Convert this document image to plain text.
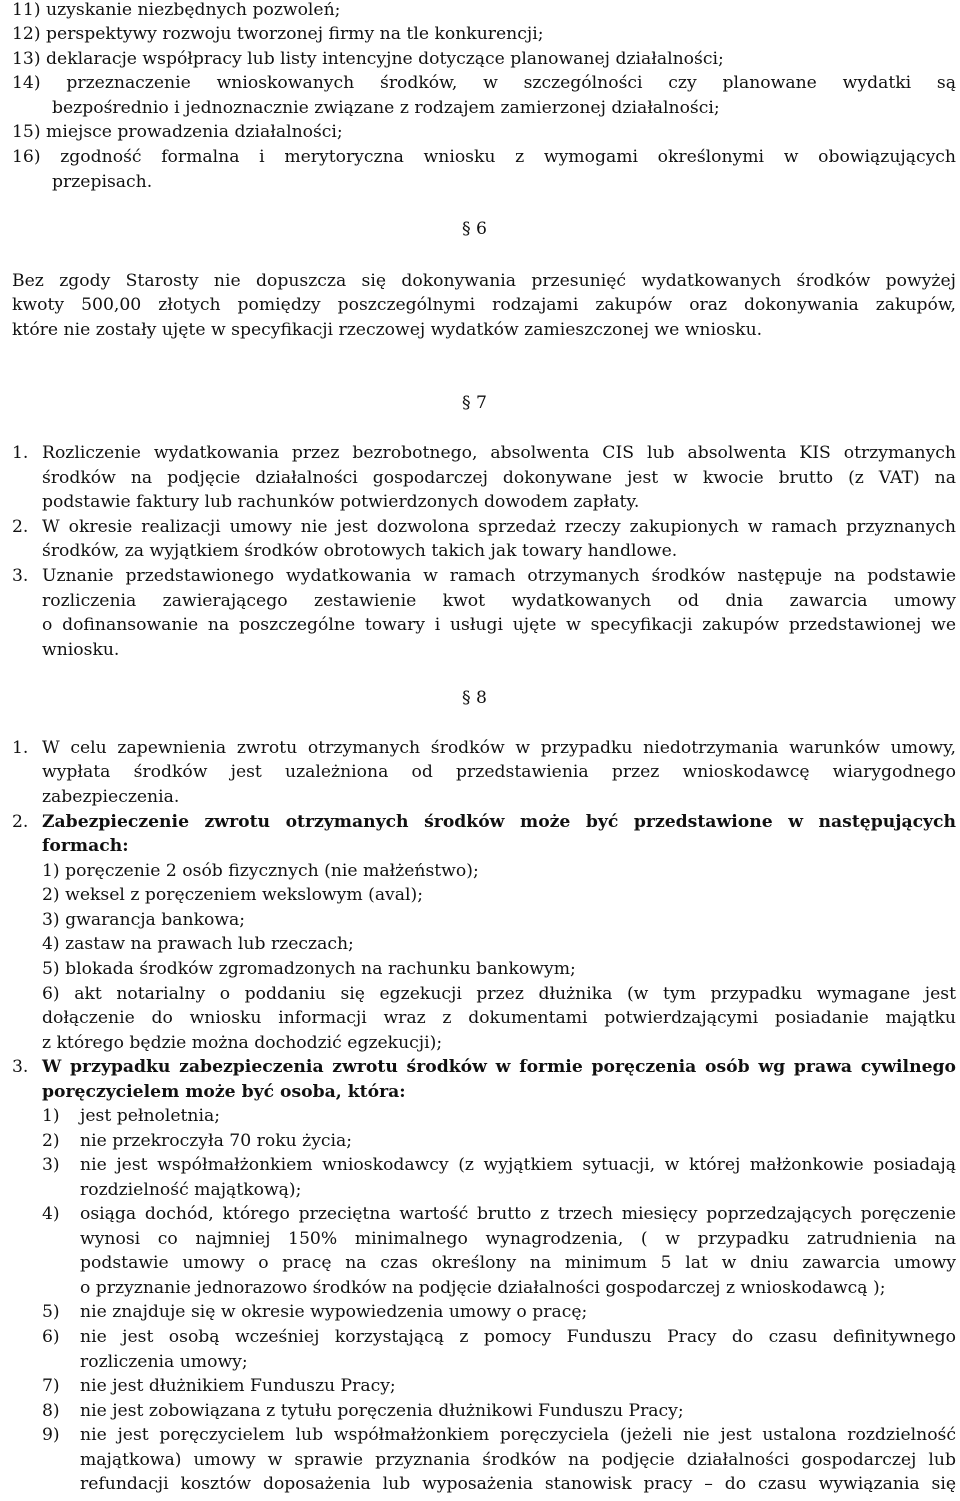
11) uzyskanie niezbędnych pozwoleń;

12) perspektywy rozwoju tworzonej firmy na tle konkurencji;

13) deklaracje współpracy lub listy intencyjne dotyczące planowanej działalności;

14) przeznaczenie wnioskowanych środków, w szczególności czy planowane wydatki są

bezpośrednio i jednoznacznie związane z rodzajem zamierzonej działalności;

15) miejsce prowadzenia działalności;

16) zgodność formalna i merytoryczna wniosku z wymogami określonymi w obowiązujących

przepisach.

§ 6

Bez zgody Starosty nie dopuszcza się dokonywania przesunięć wydatkowanych środków powyżej

kwoty 500,00 złotych pomiędzy poszczególnymi rodzajami zakupów oraz dokonywania zakupów,

które nie zostały ujęte w specyfikacji rzeczowej wydatków zamieszczonej we wniosku.

§ 7

1. Rozliczenie wydatkowania przez bezrobotnego, absolwenta CIS lub absolwenta KIS otrzymanych

środków na podjęcie działalności gospodarczej dokonywane jest w kwocie brutto (z VAT) na

podstawie faktury lub rachunków potwierdzonych dowodem zapłaty.

2. W okresie realizacji umowy nie jest dozwolona sprzedaż rzeczy zakupionych w ramach przyznanych

środków, za wyjątkiem środków obrotowych takich jak towary handlowe.

3. Uznanie przedstawionego wydatkowania w ramach otrzymanych środków następuje na podstawie

rozliczenia zawierającego zestawienie kwot wydatkowanych od dnia zawarcia umowy

o dofinansowanie na poszczególne towary i usługi ujęte w specyfikacji zakupów przedstawionej we

wniosku.

§ 8

1. W celu zapewnienia zwrotu otrzymanych środków w przypadku niedotrzymania warunków umowy,

wypłata środków jest uzależniona od przedstawienia przez wnioskodawcę wiarygodnego

zabezpieczenia.

2. Zabezpieczenie zwrotu otrzymanych środków może być przedstawione w następujących

formach:

1) poręczenie 2 osób fizycznych (nie małżeństwo);

2) weksel z poręczeniem wekslowym (aval);

3) gwarancja bankowa;

4) zastaw na prawach lub rzeczach;

5) blokada środków zgromadzonych na rachunku bankowym;

6) akt notarialny o poddaniu się egzekucji przez dłużnika (w tym przypadku wymagane jest

dołączenie do wniosku informacji wraz z dokumentami potwierdzającymi posiadanie majątku

z którego będzie można dochodzić egzekucji);

3. W przypadku zabezpieczenia zwrotu środków w formie poręczenia osób wg prawa cywilnego

poręczycielem może być osoba, która:

1) jest pełnoletnia;

2) nie przekroczyła 70 roku życia;

3) nie jest współmałżonkiem wnioskodawcy (z wyjątkiem sytuacji, w której małżonkowie posiadają

rozdzielność majątkową);

4) osiąga dochód, którego przeciętna wartość brutto z trzech miesięcy poprzedzających poręczenie

wynosi co najmniej 150% minimalnego wynagrodzenia, ( w przypadku zatrudnienia na

podstawie umowy o pracę na czas określony na minimum 5 lat w dniu zawarcia umowy

o przyznanie jednorazowo środków na podjęcie działalności gospodarczej z wnioskodawcą );

5) nie znajduje się w okresie wypowiedzenia umowy o pracę;

6) nie jest osobą wcześniej korzystającą z pomocy Funduszu Pracy do czasu definitywnego

rozliczenia umowy;

7) nie jest dłużnikiem Funduszu Pracy;

8) nie jest zobowiązana z tytułu poręczenia dłużnikowi Funduszu Pracy;

9) nie jest poręczycielem lub współmałżonkiem poręczyciela (jeżeli nie jest ustalona rozdzielność

majątkowa) umowy w sprawie przyznania środków na podjęcie działalności gospodarczej lub

refundacji kosztów doposażenia lub wyposażenia stanowisk pracy – do czasu wywiązania się
